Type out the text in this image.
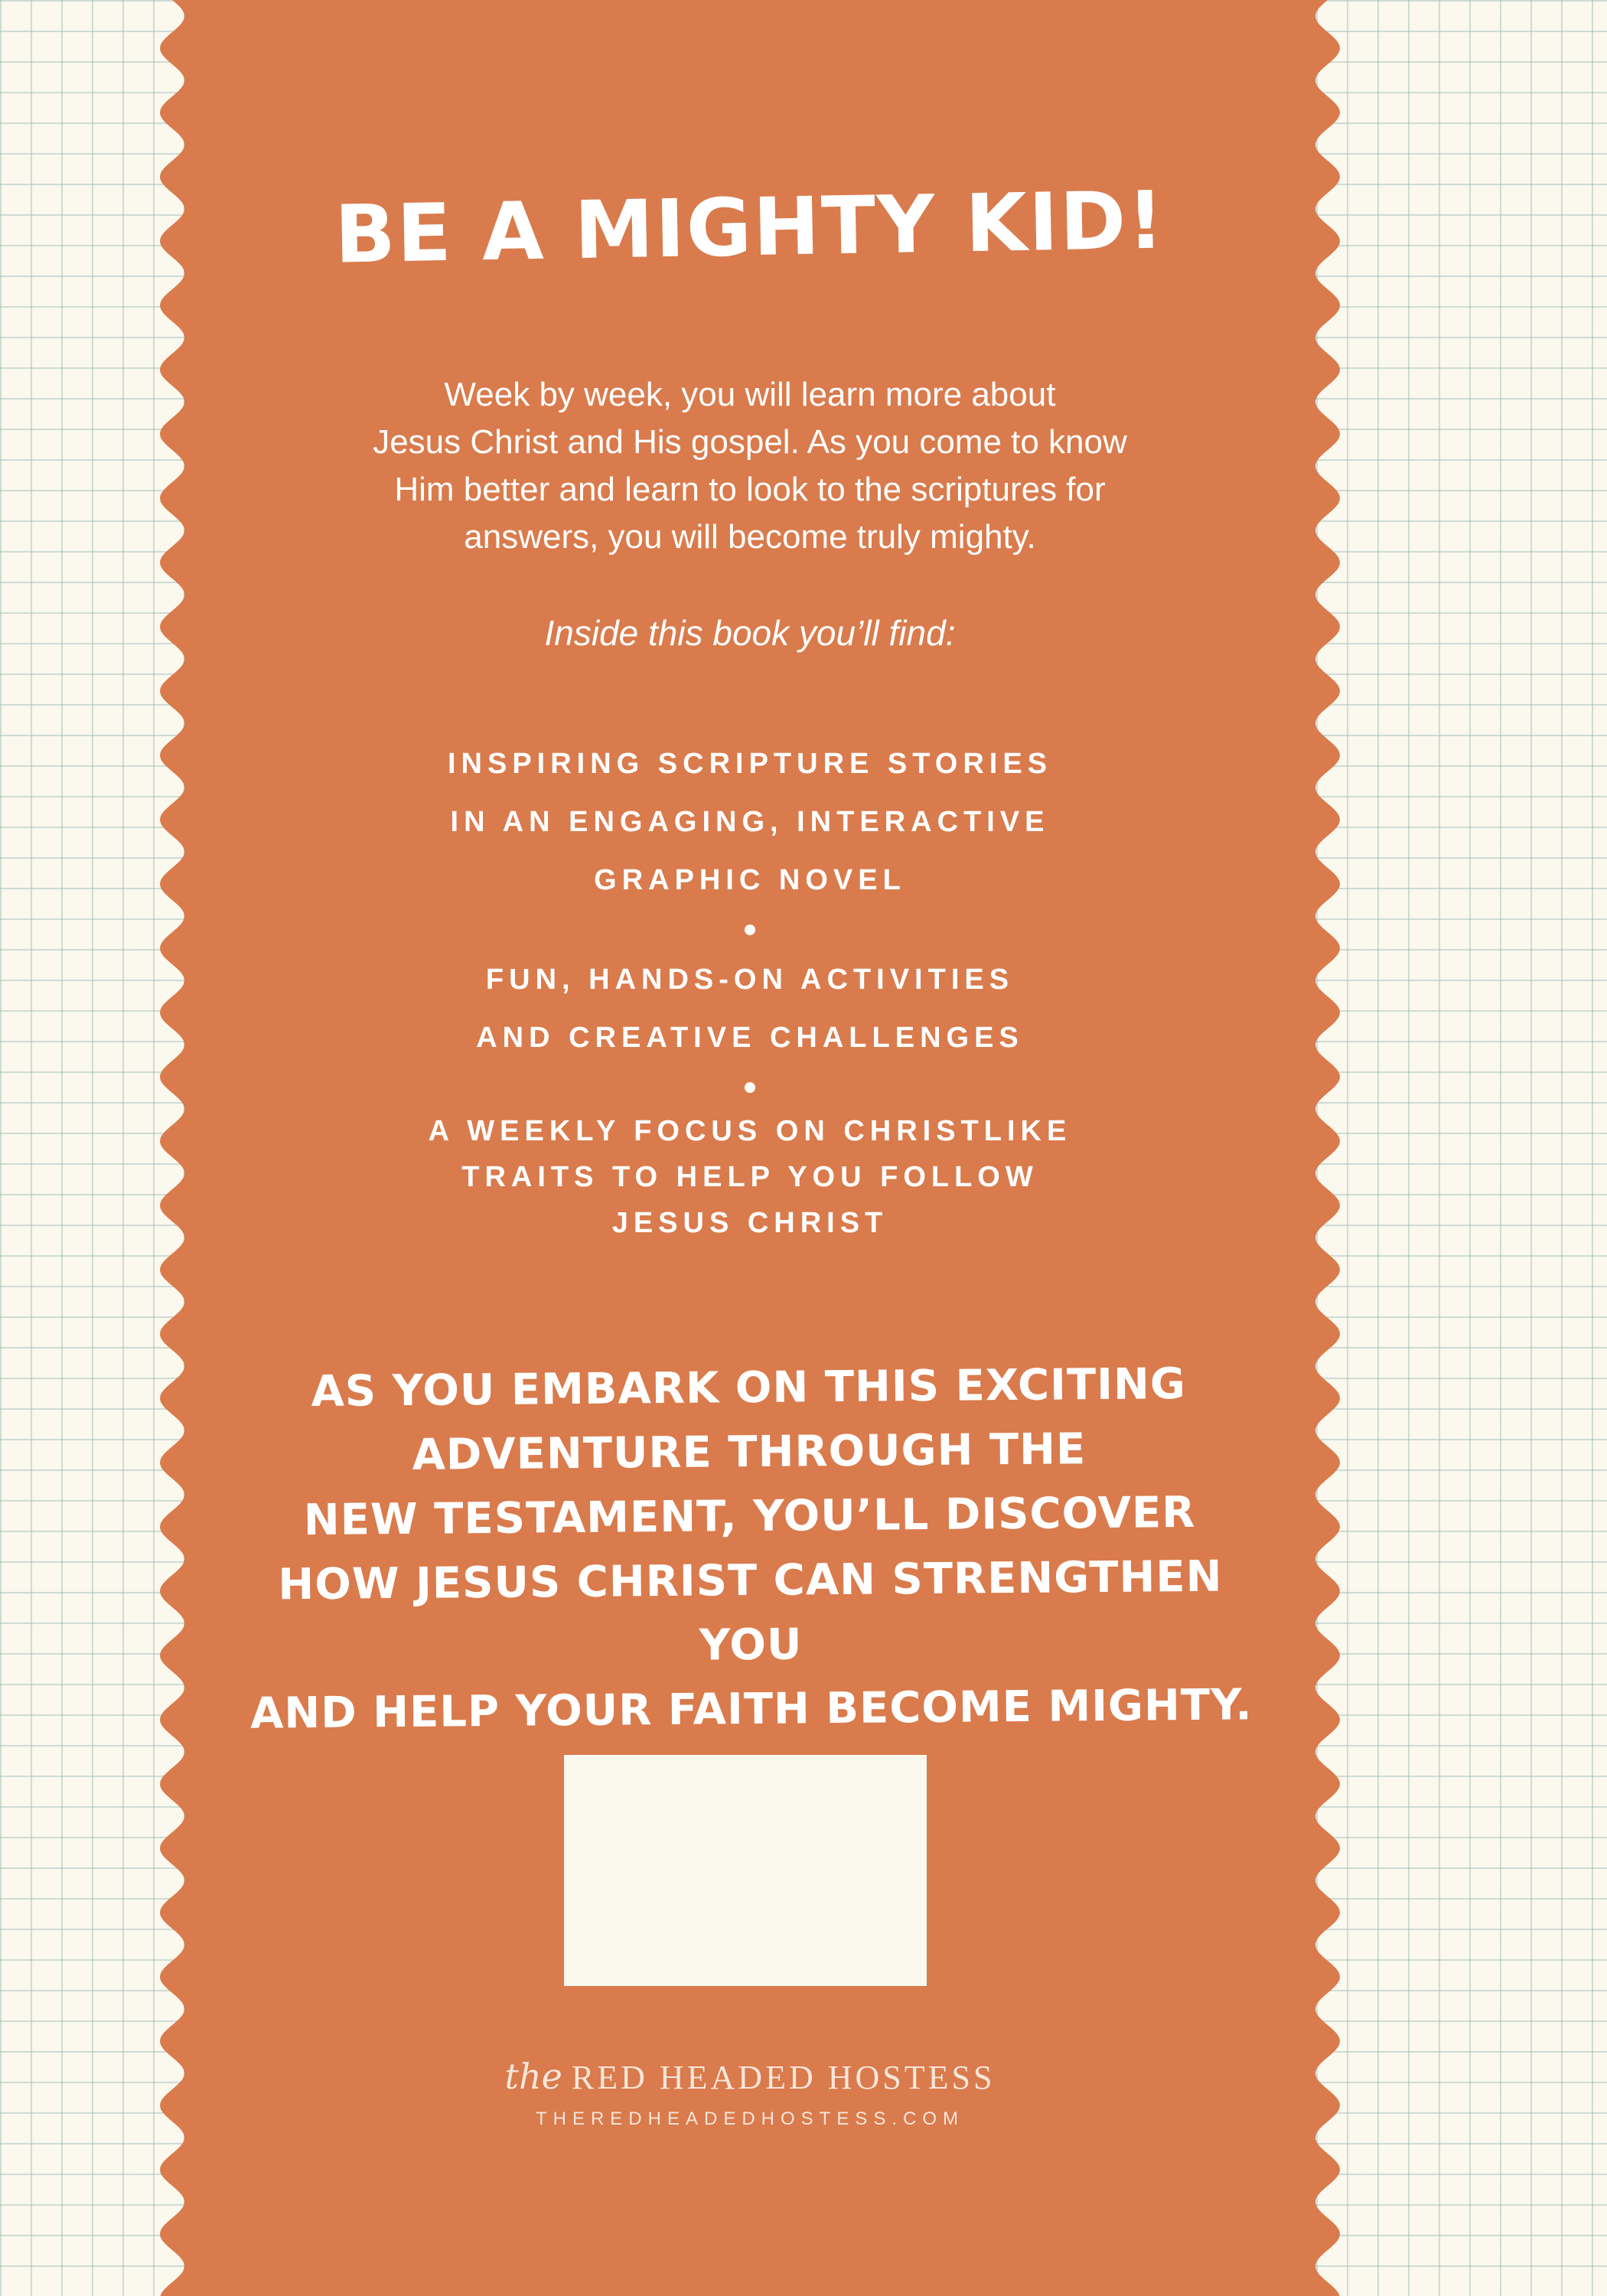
BE A MIGHTY KID!
Week by week, you will learn more about
Jesus Christ and His gospel. As you come to know
Him better and learn to look to the scriptures for
answers, you will become truly mighty.
Inside this book you’ll find:
INSPIRING SCRIPTURE STORIES
IN AN ENGAGING, INTERACTIVE
GRAPHIC NOVEL
FUN, HANDS-ON ACTIVITIES
AND CREATIVE CHALLENGES
A WEEKLY FOCUS ON CHRISTLIKE
TRAITS TO HELP YOU FOLLOW
JESUS CHRIST
AS YOU EMBARK ON THIS EXCITING
ADVENTURE THROUGH THE
NEW TESTAMENT, YOU’LL DISCOVER
HOW JESUS CHRIST CAN STRENGTHEN YOU
AND HELP YOUR FAITH BECOME MIGHTY.
the RED HEADED HOSTESS
THEREDHEADEDHOSTESS.COM
